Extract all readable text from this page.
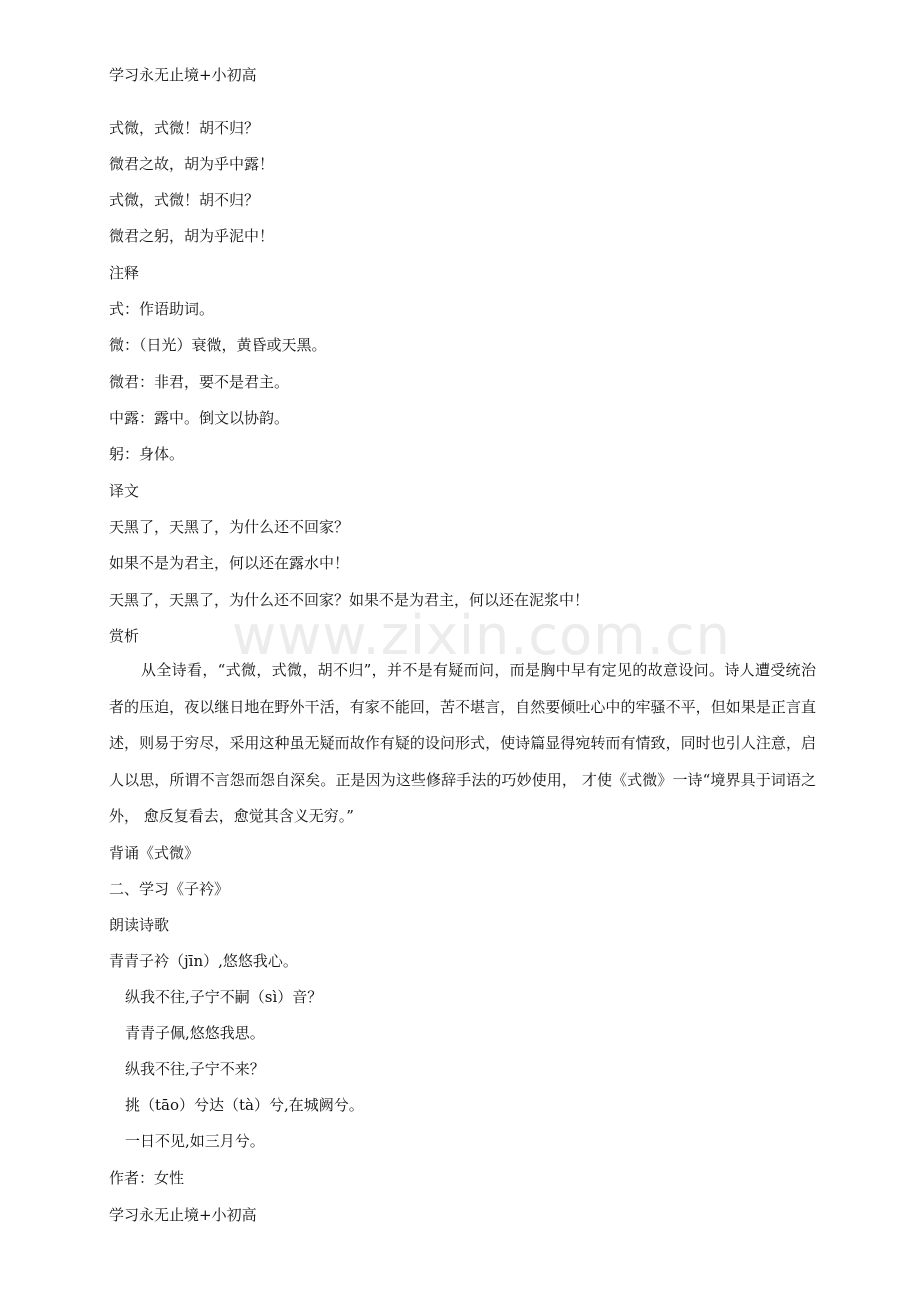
www.zixin.com.cn
学习永无止境+小初高
式微，式微！胡不归？
微君之故，胡为乎中露！
式微，式微！胡不归？
微君之躬，胡为乎泥中！
注释
式：作语助词。
微：（日光）衰微，黄昏或天黑。
微君：非君，要不是君主。
中露：露中。倒文以协韵。
躬：身体。
译文
天黑了，天黑了，为什么还不回家？
如果不是为君主，何以还在露水中！
天黑了，天黑了，为什么还不回家？如果不是为君主，何以还在泥浆中！
赏析
从全诗看，“式微，式微，胡不归”，并不是有疑而问，而是胸中早有定见的故意设问。诗人遭受统治者的压迫，夜以继日地在野外干活，有家不能回，苦不堪言，自然要倾吐心中的牢骚不平，但如果是正言直述，则易于穷尽，采用这种虽无疑而故作有疑的设问形式，使诗篇显得宛转而有情致，同时也引人注意，启人以思，所谓不言怨而怨自深矣。正是因为这些修辞手法的巧妙使用， 才使《式微》一诗“境界具于词语之外， 愈反复看去，愈觉其含义无穷。”
背诵《式微》
二、学习《子衿》
朗读诗歌
青青子衿（jīn）,悠悠我心。
纵我不往,子宁不嗣（sì）音？
青青子佩,悠悠我思。
纵我不往,子宁不来？
挑（tāo）兮达（tà）兮,在城阙兮。
一日不见,如三月兮。
作者：女性
学习永无止境+小初高
